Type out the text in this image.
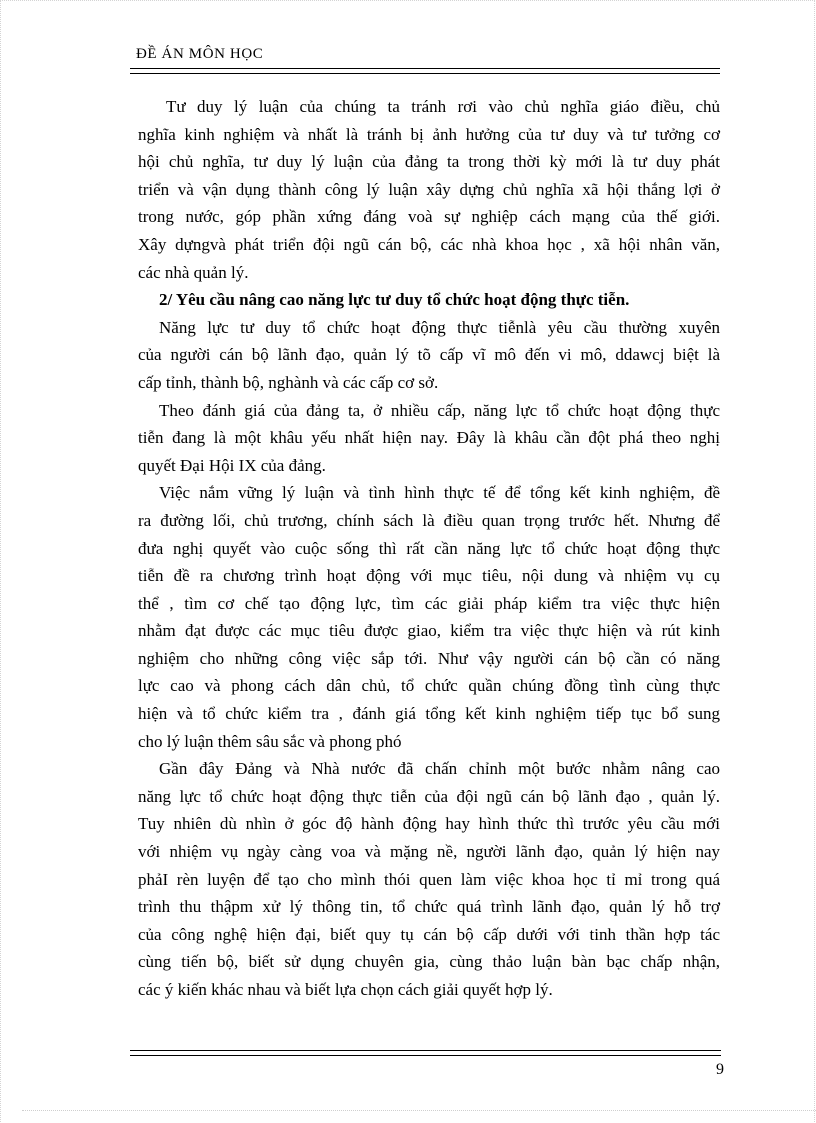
ĐỀ ÁN MÔN HỌC
Tư duy lý luận của chúng ta tránh rơi vào chủ nghĩa giáo điều, chủ
nghĩa kinh nghiệm và nhất là tránh bị ảnh hưởng của tư duy và tư tưởng cơ
hội chủ nghĩa, tư duy lý luận của đảng ta trong thời kỳ mới là tư duy phát
triển và vận dụng thành công lý luận xây dựng chủ nghĩa xã hội thắng lợi ở
trong nước, góp phần xứng đáng voà sự nghiệp cách mạng của thế giới.
Xây dựngvà phát triển đội ngũ cán bộ, các nhà khoa học , xã hội nhân văn,
các nhà quản lý.
2/ Yêu cầu nâng cao năng lực tư duy tổ chức hoạt động thực tiễn.
Năng lực tư duy tổ chức hoạt động thực tiễnlà yêu cầu thường xuyên
của người cán bộ lãnh đạo, quản lý tõ cấp vĩ mô đến vi mô, ddawcj biệt là
cấp tỉnh, thành bộ, nghành và các cấp cơ sở.
Theo đánh giá của đảng ta, ở nhiều cấp, năng lực tổ chức hoạt động thực
tiễn đang là một khâu yếu nhất hiện nay. Đây là khâu cần đột phá theo nghị
quyết Đại Hội IX của đảng.
Việc nắm vững lý luận và tình hình thực tế để tổng kết kinh nghiệm, đề
ra đường lối, chủ trương, chính sách là điều quan trọng trước hết. Nhưng để
đưa nghị quyết vào cuộc sống thì rất cần năng lực tổ chức hoạt động thực
tiễn đề ra chương trình hoạt động với mục tiêu, nội dung và nhiệm vụ cụ
thể , tìm cơ chế tạo động lực, tìm các giải pháp kiểm tra việc thực hiện
nhằm đạt được các mục tiêu được giao, kiểm tra việc thực hiện và rút kinh
nghiệm cho những công việc sắp tới. Như vậy người cán bộ cần có năng
lực cao và phong cách dân chủ, tổ chức quần chúng đồng tình cùng thực
hiện và tổ chức kiểm tra , đánh giá tổng kết kinh nghiệm tiếp tục bổ sung
cho lý luận thêm sâu sắc và phong phó
Gần đây Đảng và Nhà nước đã chấn chỉnh một bước nhằm nâng cao
năng lực tổ chức hoạt động thực tiễn của đội ngũ cán bộ lãnh đạo , quản lý.
Tuy nhiên dù nhìn ở góc độ hành động hay hình thức thì trước yêu cầu mới
với nhiệm vụ ngày càng voa và mặng nề, người lãnh đạo, quản lý hiện nay
phảI rèn luyện để tạo cho mình thói quen làm việc khoa học tỉ mỉ trong quá
trình thu thậpm xử lý thông tin, tổ chức quá trình lãnh đạo, quản lý hỗ trợ
của công nghệ hiện đại, biết quy tụ cán bộ cấp dưới với tinh thần hợp tác
cùng tiến bộ, biết sử dụng chuyên gia, cùng thảo luận bàn bạc chấp nhận,
các ý kiến khác nhau và biết lựa chọn cách giải quyết hợp lý.
9
